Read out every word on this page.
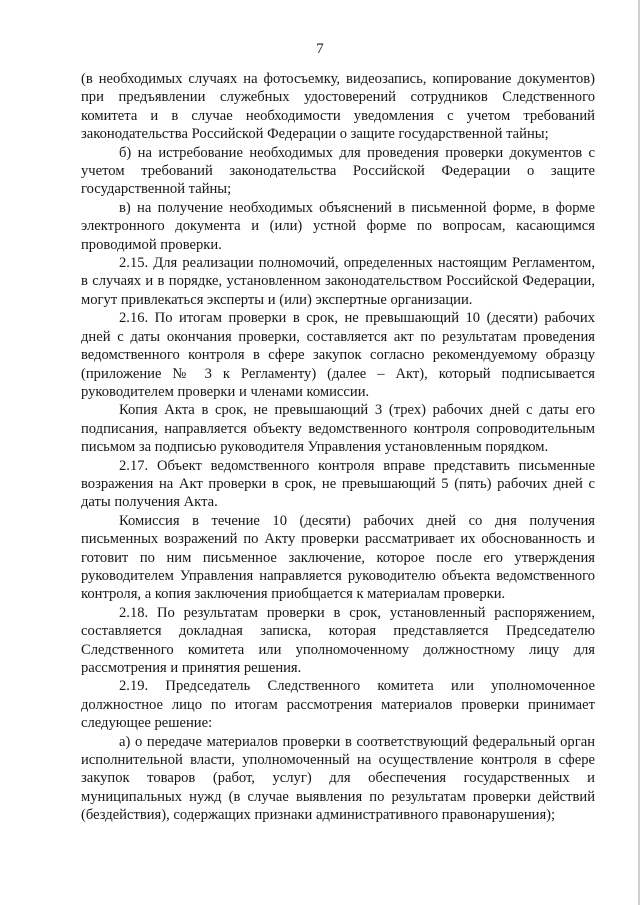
7

(в необходимых случаях на фотосъемку, видеозапись, копирование документов) при предъявлении служебных удостоверений сотрудников Следственного комитета и в случае необходимости уведомления с учетом требований законодательства Российской Федерации о защите государственной тайны;

б) на истребование необходимых для проведения проверки документов с учетом требований законодательства Российской Федерации о защите государственной тайны;

в) на получение необходимых объяснений в письменной форме, в форме электронного документа и (или) устной форме по вопросам, касающимся проводимой проверки.

2.15. Для реализации полномочий, определенных настоящим Регламентом, в случаях и в порядке, установленном законодательством Российской Федерации, могут привлекаться эксперты и (или) экспертные организации.

2.16. По итогам проверки в срок, не превышающий 10 (десяти) рабочих дней с даты окончания проверки, составляется акт по результатам проведения ведомственного контроля в сфере закупок согласно рекомендуемому образцу (приложение № 3 к Регламенту) (далее – Акт), который подписывается руководителем проверки и членами комиссии.

Копия Акта в срок, не превышающий 3 (трех) рабочих дней с даты его подписания, направляется объекту ведомственного контроля сопроводительным письмом за подписью руководителя Управления установленным порядком.

2.17. Объект ведомственного контроля вправе представить письменные возражения на Акт проверки в срок, не превышающий 5 (пять) рабочих дней с даты получения Акта.

Комиссия в течение 10 (десяти) рабочих дней со дня получения письменных возражений по Акту проверки рассматривает их обоснованность и готовит по ним письменное заключение, которое после его утверждения руководителем Управления направляется руководителю объекта ведомственного контроля, а копия заключения приобщается к материалам проверки.

2.18. По результатам проверки в срок, установленный распоряжением, составляется докладная записка, которая представляется Председателю Следственного комитета или уполномоченному должностному лицу для рассмотрения и принятия решения.

2.19. Председатель Следственного комитета или уполномоченное должностное лицо по итогам рассмотрения материалов проверки принимает следующее решение:

а) о передаче материалов проверки в соответствующий федеральный орган исполнительной власти, уполномоченный на осуществление контроля в сфере закупок товаров (работ, услуг) для обеспечения государственных и муниципальных нужд (в случае выявления по результатам проверки действий (бездействия), содержащих признаки административного правонарушения);
